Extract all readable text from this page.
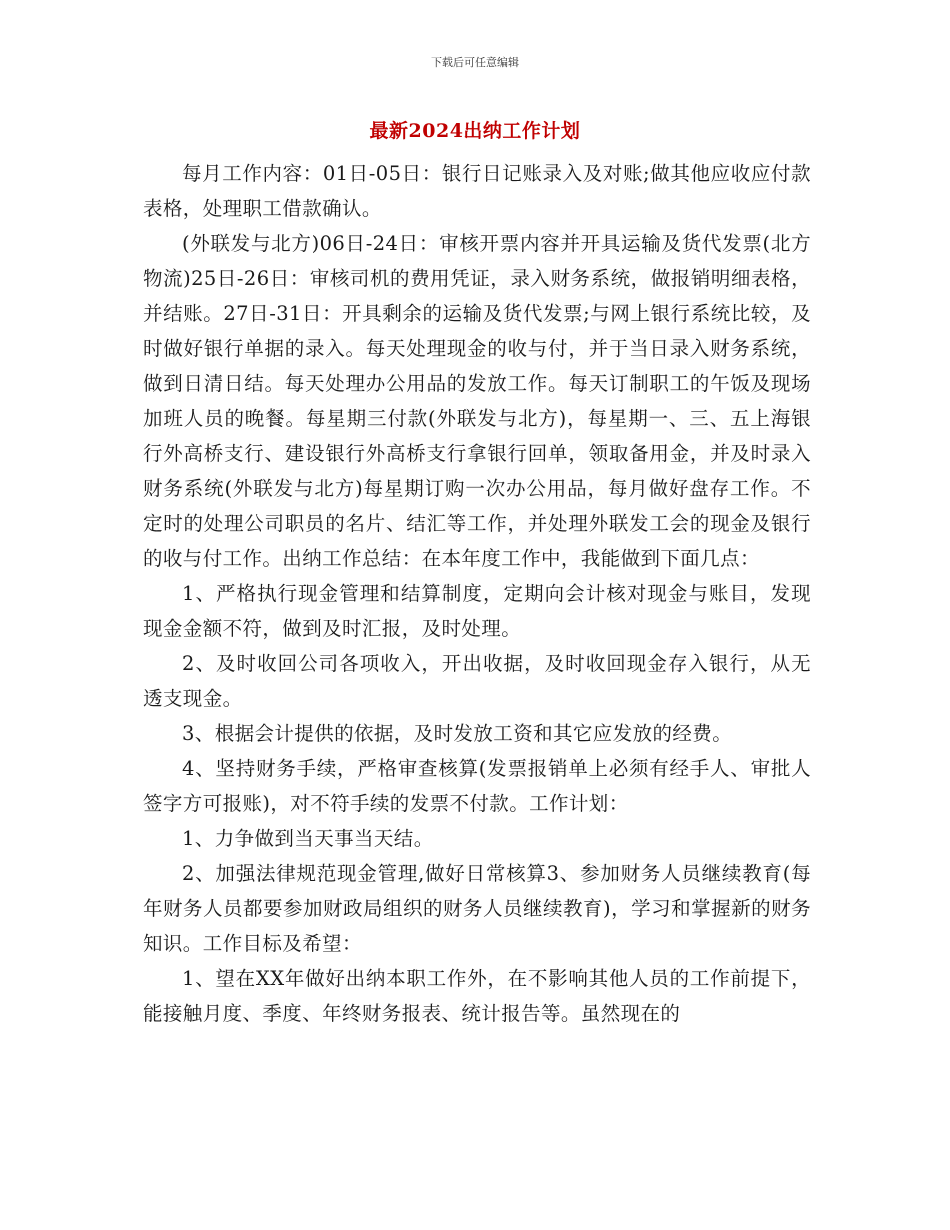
下载后可任意编辑
最新2024出纳工作计划

每月工作内容：01日-05日：银行日记账录入及对账;做其他应收应付款表格，处理职工借款确认。

(外联发与北方)06日-24日：审核开票内容并开具运输及货代发票(北方物流)25日-26日：审核司机的费用凭证，录入财务系统，做报销明细表格，并结账。27日-31日：开具剩余的运输及货代发票;与网上银行系统比较，及时做好银行单据的录入。每天处理现金的收与付，并于当日录入财务系统，做到日清日结。每天处理办公用品的发放工作。每天订制职工的午饭及现场加班人员的晚餐。每星期三付款(外联发与北方)，每星期一、三、五上海银行外高桥支行、建设银行外高桥支行拿银行回单，领取备用金，并及时录入财务系统(外联发与北方)每星期订购一次办公用品，每月做好盘存工作。不定时的处理公司职员的名片、结汇等工作，并处理外联发工会的现金及银行的收与付工作。出纳工作总结：在本年度工作中，我能做到下面几点：

1、严格执行现金管理和结算制度，定期向会计核对现金与账目，发现现金金额不符，做到及时汇报，及时处理。

2、及时收回公司各项收入，开出收据，及时收回现金存入银行，从无透支现金。

3、根据会计提供的依据，及时发放工资和其它应发放的经费。

4、坚持财务手续，严格审查核算(发票报销单上必须有经手人、审批人签字方可报账)，对不符手续的发票不付款。工作计划：

1、力争做到当天事当天结。

2、加强法律规范现金管理,做好日常核算3、参加财务人员继续教育(每年财务人员都要参加财政局组织的财务人员继续教育)，学习和掌握新的财务知识。工作目标及希望：

1、望在XX年做好出纳本职工作外，在不影响其他人员的工作前提下，能接触月度、季度、年终财务报表、统计报告等。虽然现在的
